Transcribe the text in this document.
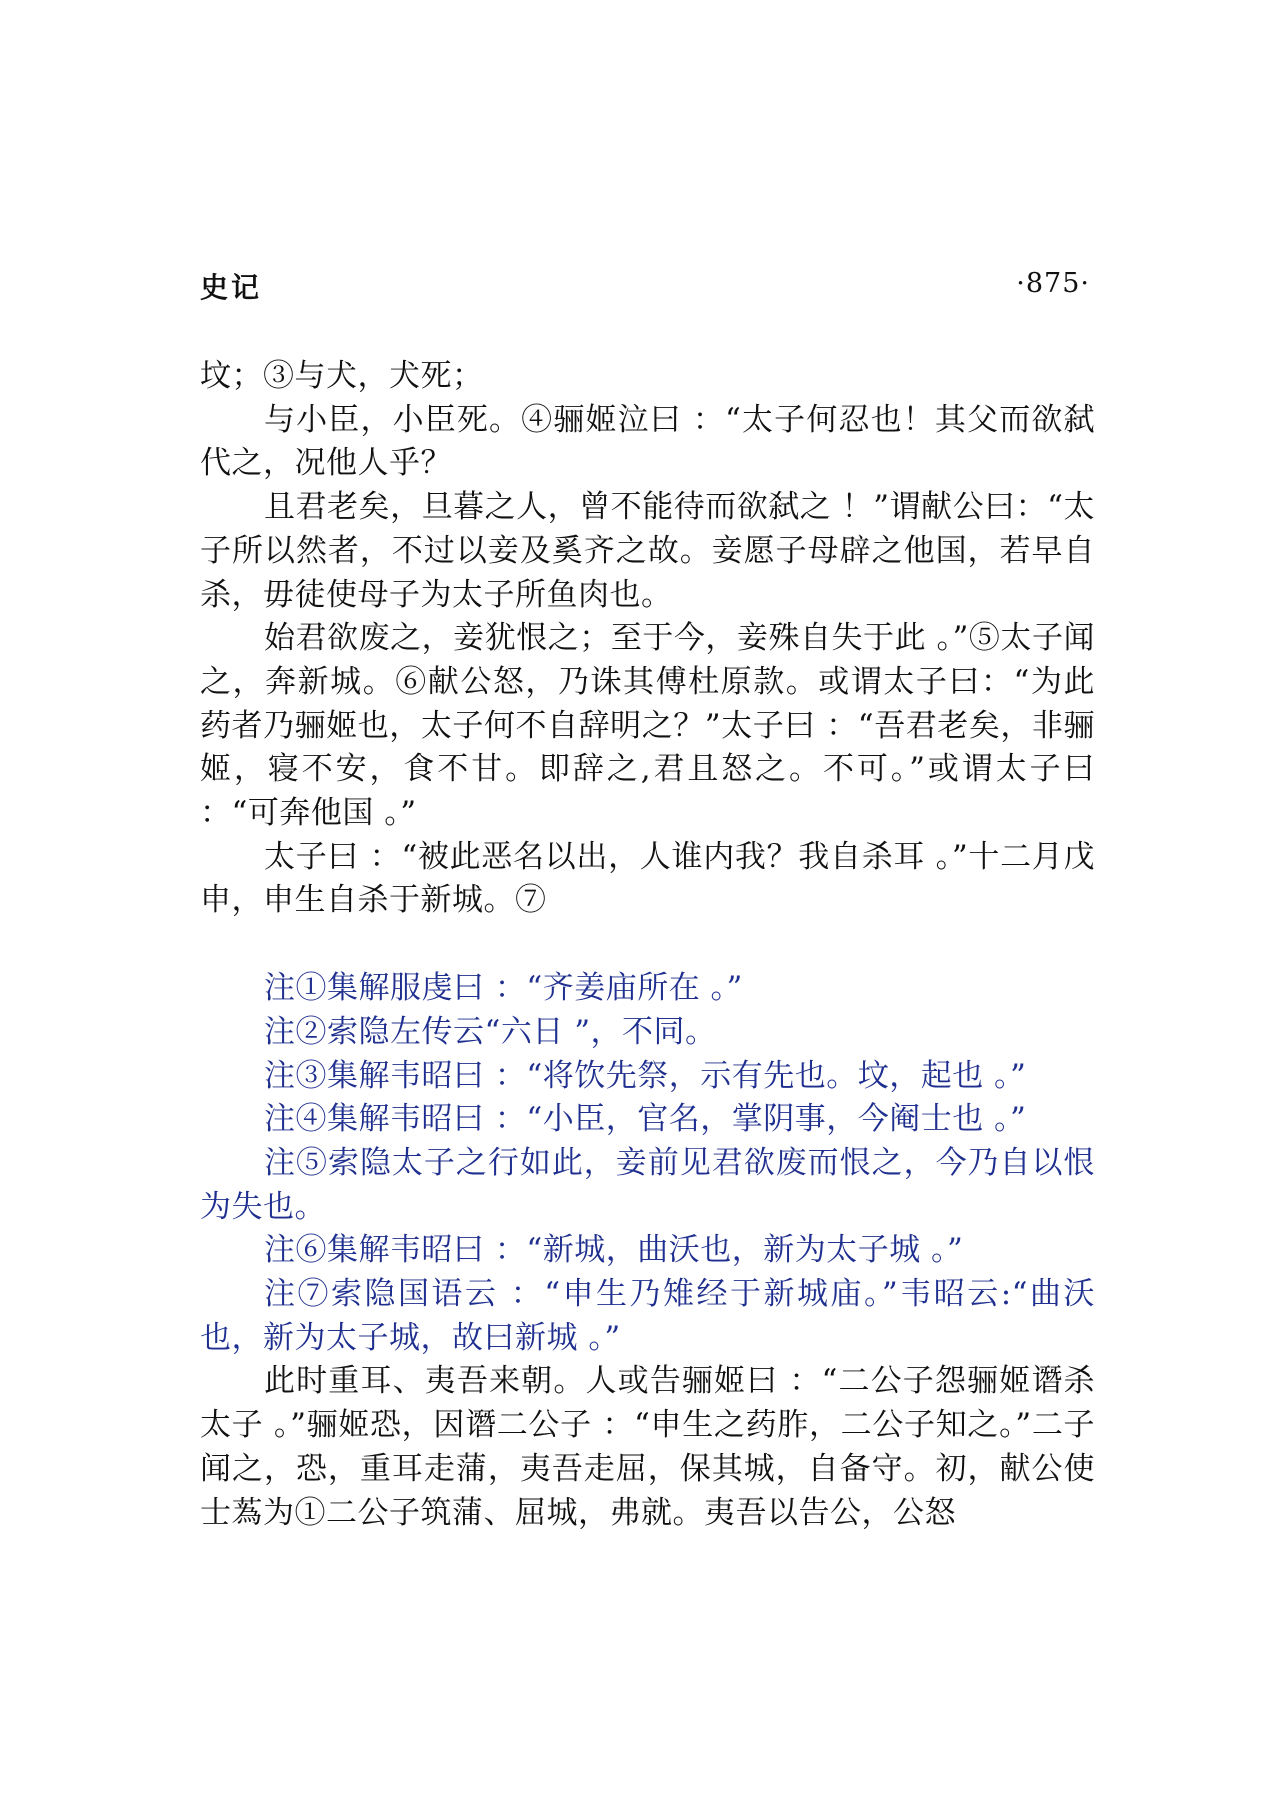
史记	·875·

坟；③与犬，犬死；

与小臣，小臣死。④骊姬泣曰 ：“太子何忍也！其父而欲弑代之，况他人乎？

且君老矣，旦暮之人，曾不能待而欲弑之 ！”谓献公曰：“太子所以然者，不过以妾及奚齐之故。妾愿子母辟之他国，若早自杀，毋徒使母子为太子所鱼肉也。

始君欲废之，妾犹恨之；至于今，妾殊自失于此 。”⑤太子闻之，奔新城。⑥献公怒，乃诛其傅杜原款。或谓太子曰：“为此药者乃骊姬也，太子何不自辞明之？”太子曰 ：“吾君老矣，非骊姬，寝不安，食不甘。即辞之,君且怒之。不可。”或谓太子曰 ：“可奔他国 。”

太子曰 ：“被此恶名以出，人谁内我？我自杀耳 。”十二月戊申，申生自杀于新城。⑦

注①集解服虔曰 ：“齐姜庙所在 。”

注②索隐左传云“六日 ”，不同。

注③集解韦昭曰 ：“将饮先祭，示有先也。坟，起也 。”

注④集解韦昭曰 ：“小臣，官名，掌阴事，今阉士也 。”

注⑤索隐太子之行如此，妾前见君欲废而恨之，今乃自以恨为失也。

注⑥集解韦昭曰 ：“新城，曲沃也，新为太子城 。”

注⑦索隐国语云 ：“申生乃雉经于新城庙。”韦昭云:“曲沃也，新为太子城，故曰新城 。”

此时重耳、夷吾来朝。人或告骊姬曰 ：“二公子怨骊姬谮杀太子 。”骊姬恐，因谮二公子 ：“申生之药胙，二公子知之。”二子闻之，恐，重耳走蒲，夷吾走屈，保其城，自备守。初，献公使士蒍为①二公子筑蒲、屈城，弗就。夷吾以告公，公怒
